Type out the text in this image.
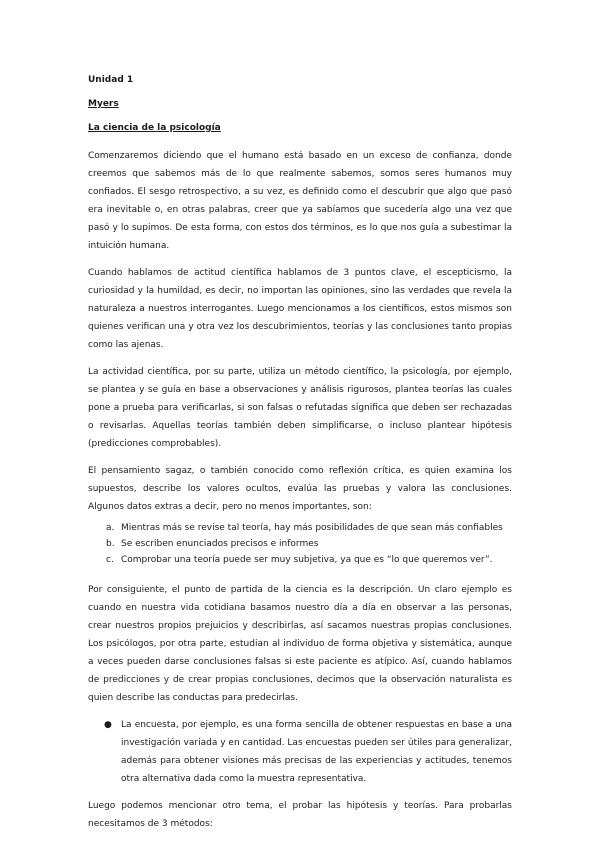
Unidad 1
Myers
La ciencia de la psicología

Comenzaremos diciendo que el humano está basado en un exceso de confianza, donde creemos que sabemos más de lo que realmente sabemos, somos seres humanos muy confiados. El sesgo retrospectivo, a su vez, es definido como el descubrir que algo que pasó era inevitable o, en otras palabras, creer que ya sabíamos que sucedería algo una vez que pasó y lo supimos. De esta forma, con estos dos términos, es lo que nos guía a subestimar la intuición humana.

Cuando hablamos de actitud científica hablamos de 3 puntos clave, el escepticismo, la curiosidad y la humildad, es decir, no importan las opiniones, sino las verdades que revela la naturaleza a nuestros interrogantes. Luego mencionamos a los científicos, estos mismos son quienes verifican una y otra vez los descubrimientos, teorías y las conclusiones tanto propias como las ajenas.

La actividad científica, por su parte, utiliza un método científico, la psicología, por ejemplo, se plantea y se guía en base a observaciones y análisis rigurosos, plantea teorías las cuales pone a prueba para verificarlas, si son falsas o refutadas significa que deben ser rechazadas o revisarlas. Aquellas teorías también deben simplificarse, o incluso plantear hipótesis (predicciones comprobables).

El pensamiento sagaz, o también conocido como reflexión crítica, es quien examina los supuestos, describe los valores ocultos, evalúa las pruebas y valora las conclusiones. Algunos datos extras a decir, pero no menos importantes, son:

a. Mientras más se revise tal teoría, hay más posibilidades de que sean más confiables
b. Se escriben enunciados precisos e informes
c. Comprobar una teoría puede ser muy subjetiva, ya que es “lo que queremos ver”.

Por consiguiente, el punto de partida de la ciencia es la descripción. Un claro ejemplo es cuando en nuestra vida cotidiana basamos nuestro día a día en observar a las personas, crear nuestros propios prejuicios y describirlas, así sacamos nuestras propias conclusiones. Los psicólogos, por otra parte, estudian al individuo de forma objetiva y sistemática, aunque a veces pueden darse conclusiones falsas si este paciente es atípico. Así, cuando hablamos de predicciones y de crear propias conclusiones, decimos que la observación naturalista es quien describe las conductas para predecirlas.

● La encuesta, por ejemplo, es una forma sencilla de obtener respuestas en base a una investigación variada y en cantidad. Las encuestas pueden ser útiles para generalizar, además para obtener visiones más precisas de las experiencias y actitudes, tenemos otra alternativa dada como la muestra representativa.

Luego podemos mencionar otro tema, el probar las hipótesis y teorías. Para probarlas necesitamos de 3 métodos:
